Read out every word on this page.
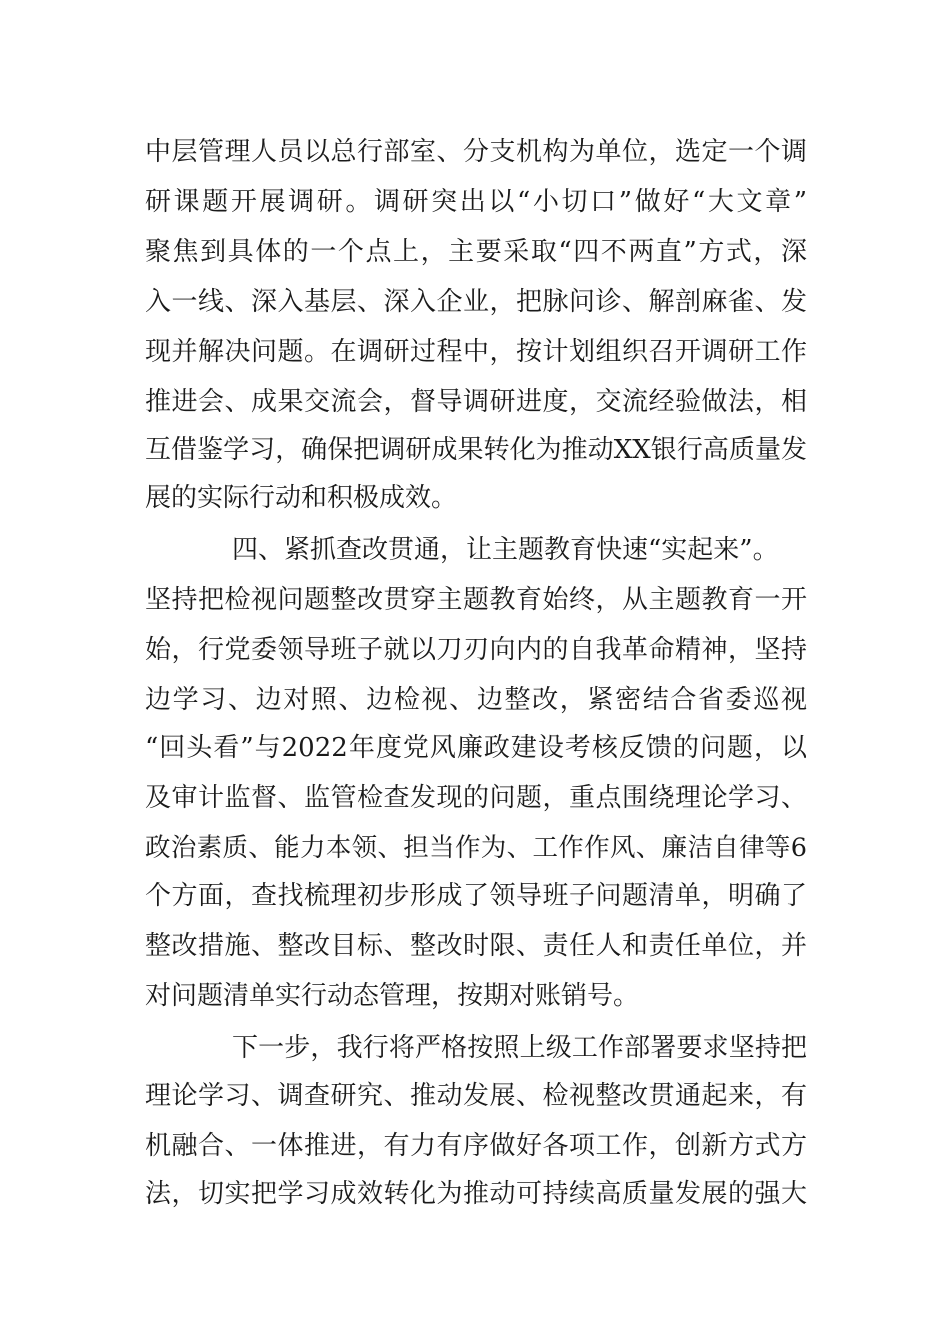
中层管理人员以总行部室、分支机构为单位，选定一个调
研课题开展调研。调研突出以“小切口”做好“大文章”
聚焦到具体的一个点上，主要采取“四不两直”方式，深
入一线、深入基层、深入企业，把脉问诊、解剖麻雀、发
现并解决问题。在调研过程中，按计划组织召开调研工作
推进会、成果交流会，督导调研进度，交流经验做法，相
互借鉴学习，确保把调研成果转化为推动XX银行高质量发
展的实际行动和积极成效。
四、紧抓查改贯通，让主题教育快速“实起来”。
坚持把检视问题整改贯穿主题教育始终，从主题教育一开
始，行党委领导班子就以刀刃向内的自我革命精神，坚持
边学习、边对照、边检视、边整改，紧密结合省委巡视
“回头看”与2022年度党风廉政建设考核反馈的问题，以
及审计监督、监管检查发现的问题，重点围绕理论学习、
政治素质、能力本领、担当作为、工作作风、廉洁自律等6
个方面，查找梳理初步形成了领导班子问题清单，明确了
整改措施、整改目标、整改时限、责任人和责任单位，并
对问题清单实行动态管理，按期对账销号。
下一步，我行将严格按照上级工作部署要求坚持把
理论学习、调查研究、推动发展、检视整改贯通起来，有
机融合、一体推进，有力有序做好各项工作，创新方式方
法，切实把学习成效转化为推动可持续高质量发展的强大
